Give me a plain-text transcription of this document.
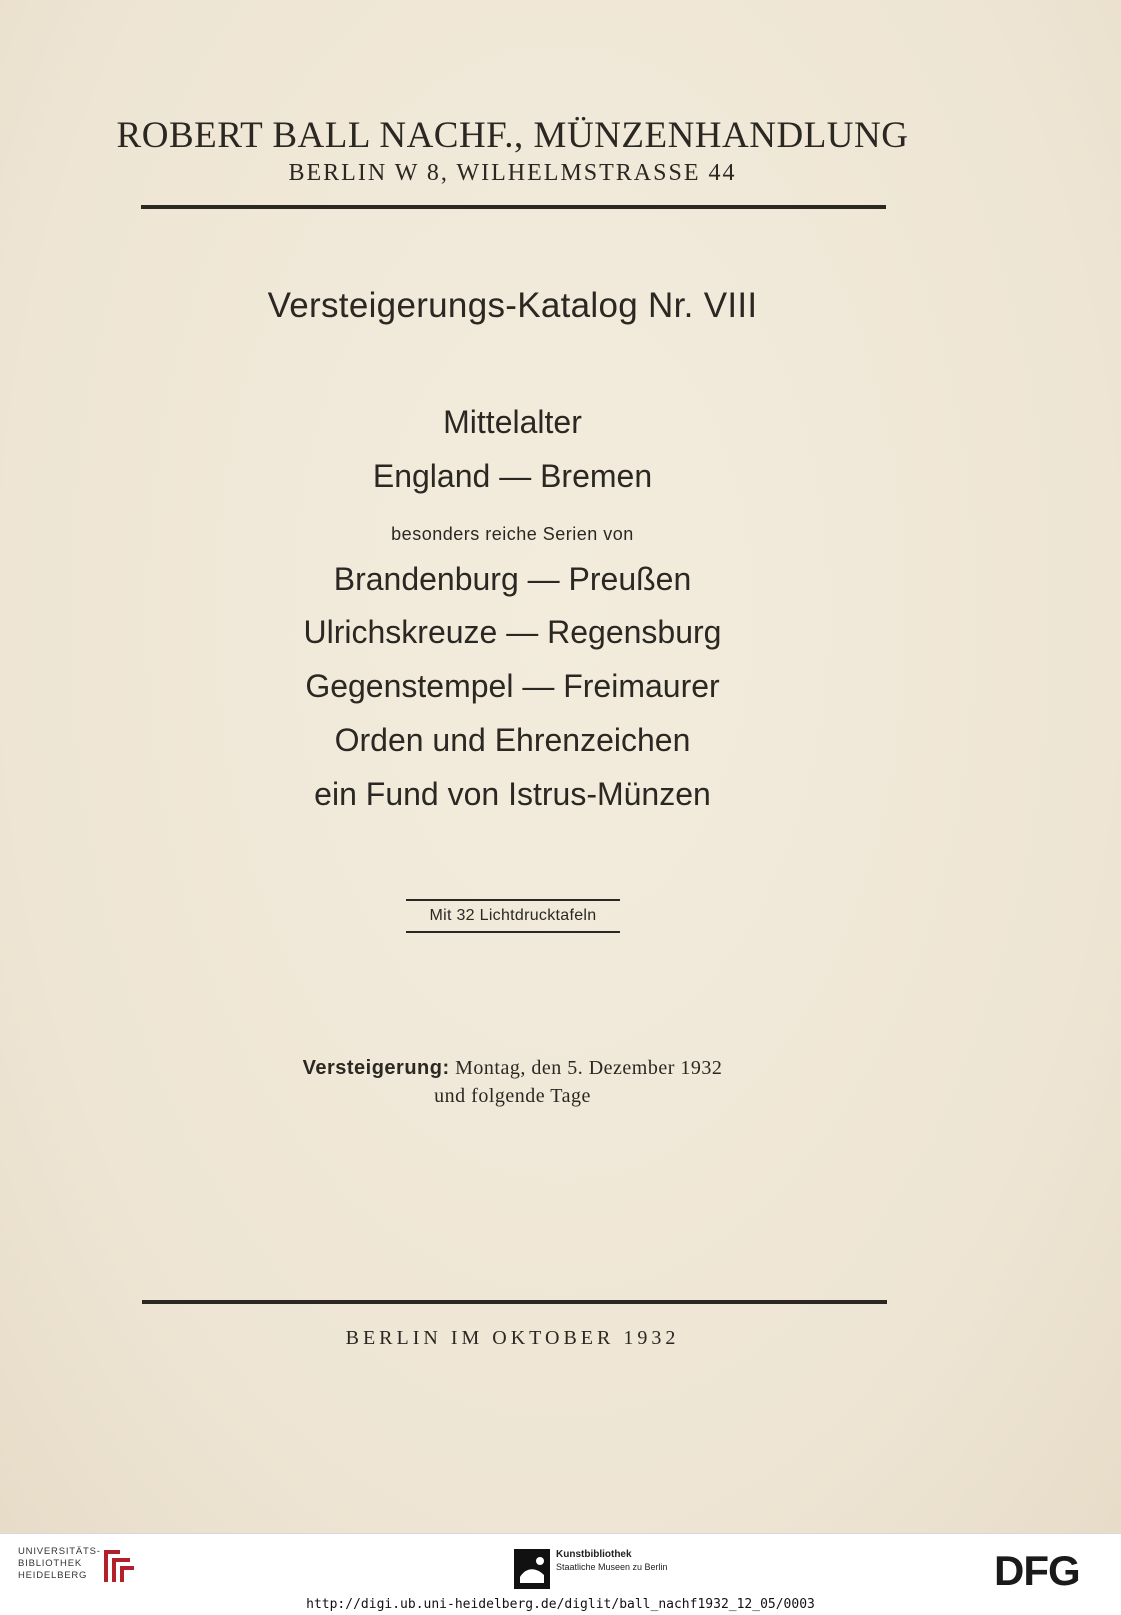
ROBERT BALL NACHF., MÜNZENHANDLUNG
BERLIN W 8, WILHELMSTRASSE 44
Versteigerungs-Katalog Nr. VIII
Mittelalter
England — Bremen
besonders reiche Serien von
Brandenburg — Preußen
Ulrichskreuze — Regensburg
Gegenstempel — Freimaurer
Orden und Ehrenzeichen
ein Fund von Istrus-Münzen
Mit 32 Lichtdrucktafeln
Versteigerung: Montag, den 5. Dezember 1932
und folgende Tage
BERLIN IM OKTOBER 1932
UNIVERSITÄTS-
BIBLIOTHEK
HEIDELBERG
Kunstbibliothek
Staatliche Museen zu Berlin	DFG
http://digi.ub.uni-heidelberg.de/diglit/ball_nachf1932_12_05/0003
